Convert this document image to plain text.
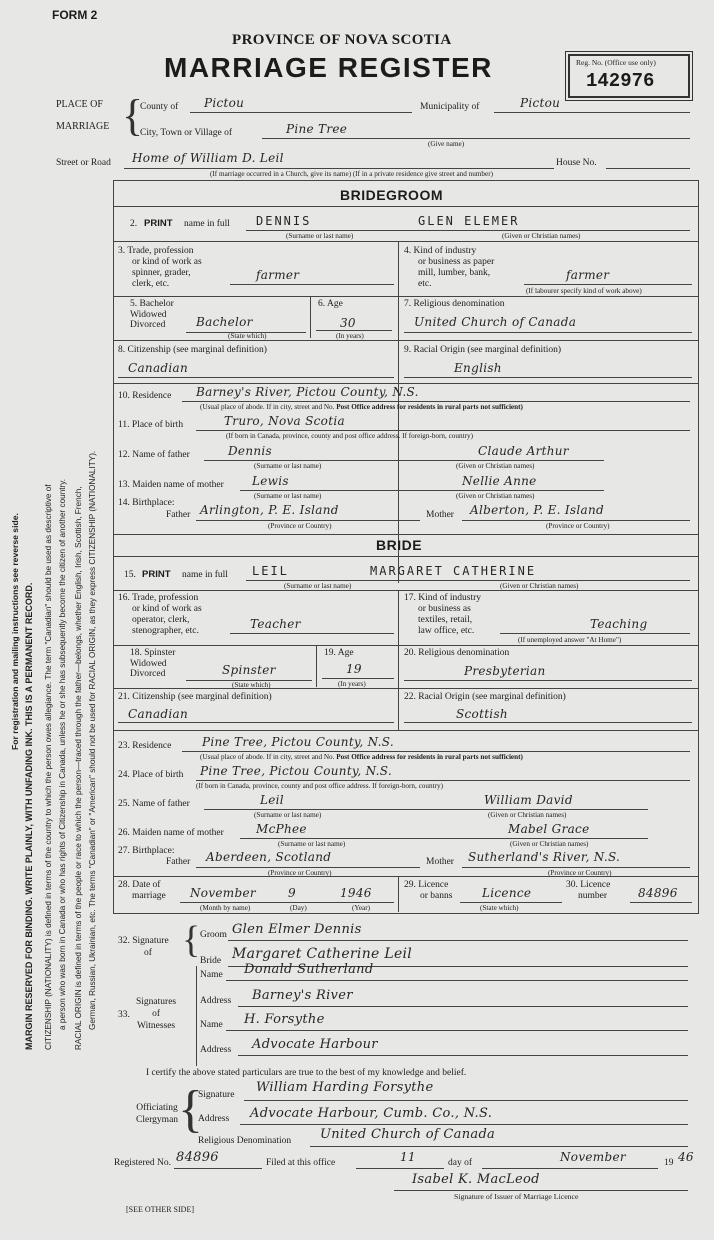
FORM 2
PROVINCE OF NOVA SCOTIA
MARRIAGE REGISTER	Reg. No. (Office use only)
142976
PLACE OF
MARRIAGE {
County of Pictou	Municipality of	Pictou
City, Town or Village of	Pine Tree
(Give name)
Street or Road Home of William D. Leil	House No.
(If marriage occurred in a Church, give its name) (If in a private residence give street and number)
BRIDEGROOM
2. PRINT name in full DENNIS	GLEN ELEMER
(Surname or last name)	(Given or Christian names)
3. Trade, profession
or kind of work as
spinner, grader,
clerk, etc.
farmer
4. Kind of industry
or business as paper
mill, lumber, bank,
etc.
farmer
(If labourer specify kind of work above)
5. Bachelor
Widowed
Divorced	Bachelor
(State which)
6. Age
30
(In years)
7. Religious denomination
United Church of Canada
8. Citizenship (see marginal definition)
Canadian
9. Racial Origin (see marginal definition)
English
10. Residence Barney's River, Pictou County, N.S.
(Usual place of abode. If in city, street and No. Post Office address for residents in rural parts not sufficient)
11. Place of birth	Truro, Nova Scotia
(If born in Canada, province, county and post office address. If foreign-born, country)
12. Name of father	Dennis	Claude Arthur
(Surname or last name)	(Given or Christian names)
13. Maiden name of mother Lewis	Nellie Anne
(Surname or last name)	(Given or Christian names)
14. Birthplace:
Father Arlington, P. E. Island
(Province or Country)
Mother Alberton, P. E. Island
(Province or Country)
BRIDE
15. PRINT name in full LEIL	MARGARET CATHERINE
(Surname or last name)	(Given or Christian names)
16. Trade, profession
or kind of work as
operator, clerk,
stenographer, etc.	Teacher
17. Kind of industry
or business as
textiles, retail,
law office, etc.	Teaching
(If unemployed answer "At Home")
18. Spinster
Widowed
Divorced	Spinster
(State which)
19. Age
19
(In years)
20. Religious denomination
Presbyterian
21. Citizenship (see marginal definition)
Canadian
22. Racial Origin (see marginal definition)
Scottish
23. Residence	Pine Tree, Pictou County, N.S.
(Usual place of abode. If in city, street and No. Post Office address for residents in rural parts not sufficient)
24. Place of birth Pine Tree, Pictou County, N.S.
(If born in Canada, province, county and post office address. If foreign-born, country)
25. Name of father	Leil	William David
(Surname or last name)	(Given or Christian names)
26. Maiden name of mother	McPhee	Mabel Grace
(Surname or last name)	(Given or Christian names)
27. Birthplace:
Father Aberdeen, Scotland
(Province or Country)
Mother Sutherland's River, N.S.
(Province or Country)
28. Date of
marriage November	9	1946
(Month by name)	(Day)	(Year)
29. Licence
or banns Licence
(State which)
30. Licence
number	84896
32. Signature
of { Groom Glen Elmer Dennis
Bride Margaret Catherine Leil
Signatures
of
Witnesses
33.
Name Donald Sutherland
Address Barney's River
Name H. Forsythe
Address Advocate Harbour
I certify the above stated particulars are true to the best of my knowledge and belief.
Officiating
Clergyman {
Signature William Harding Forsythe
Address Advocate Harbour, Cumb. Co., N.S.
Religious Denomination United Church of Canada
Registered No. 84896	Filed at this office	11	day of	November	19 46
Isabel K. MacLeod
Signature of Issuer of Marriage Licence
[SEE OTHER SIDE]
For registration and mailing instructions see reverse side. MARGIN RESERVED FOR BINDING. WRITE PLAINLY, WITH UNFADING INK. THIS IS A PERMANENT RECORD. CITIZENSHIP (NATIONALITY) is defined in terms of the country to which the person owes allegiance. The term "Canadian" should be used as descriptive of a person who was born in Canada or who has rights of Citizenship in Canada, unless he or she has subsequently become the citizen of another country. RACIAL ORIGIN is defined in terms of the people or race to which the person—traced through the father—belongs, whether English, Irish, Scottish, French, German, Russian, Ukrainian, etc. The terms "Canadian" or "American" should not be used for RACIAL ORIGIN, as they express CITIZENSHIP (NATIONALITY).
